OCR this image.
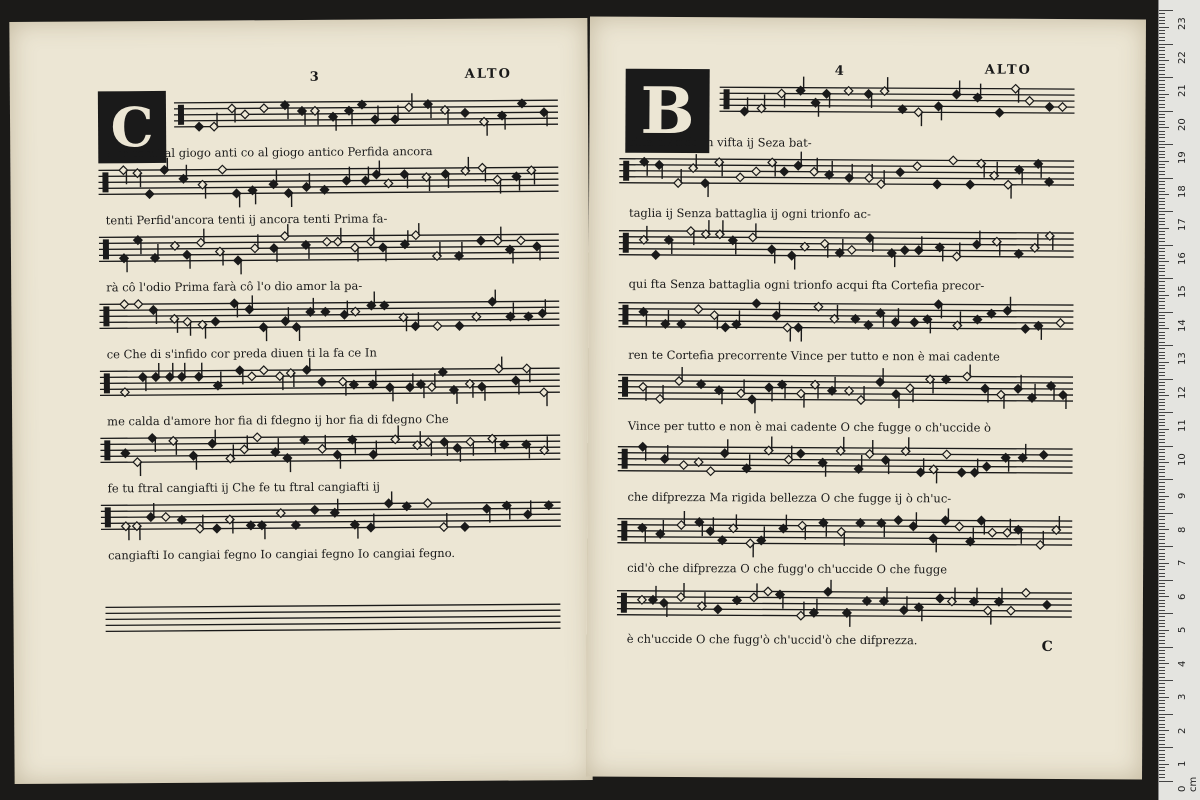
3	ALTO
C
H'io torni al giogo anti co al giogo antico Perfida ancora
tenti Perfid'ancora tenti ij ancora tenti Prima fa-
rà cô l'odio Prima farà cô l'o dio amor la pa-
ce Che di s'infido cor preda diuen ti la fa ce In
me calda d'amore hor fia di fdegno ij hor fia di fdegno Che
fe tu ftral cangiafti ij Che fe tu ftral cangiafti ij
cangiafti Io cangiai fegno Io cangiai fegno Io cangiai fegno.
4	ALTO
B
Eltà placida in vifta ij Seza bat-
taglia ij Senza battaglia ij ogni trionfo ac-
qui fta Senza battaglia ogni trionfo acqui fta Cortefia precor-
ren te Cortefia precorrente Vince per tutto e non è mai cadente
Vince per tutto e non è mai cadente O che fugge o ch'uccide ò
che difprezza Ma rigida bellezza O che fugge ij ò ch'uc-
cid'ò che difprezza O che fugg'o ch'uccide O che fugge
è ch'uccide O che fugg'ò ch'uccid'ò che difprezza.	C
23
22
21
20
19
18
17
16
15
14
13
12
11
10
9
8
7
6
5
4
3
2
1
0 cm
